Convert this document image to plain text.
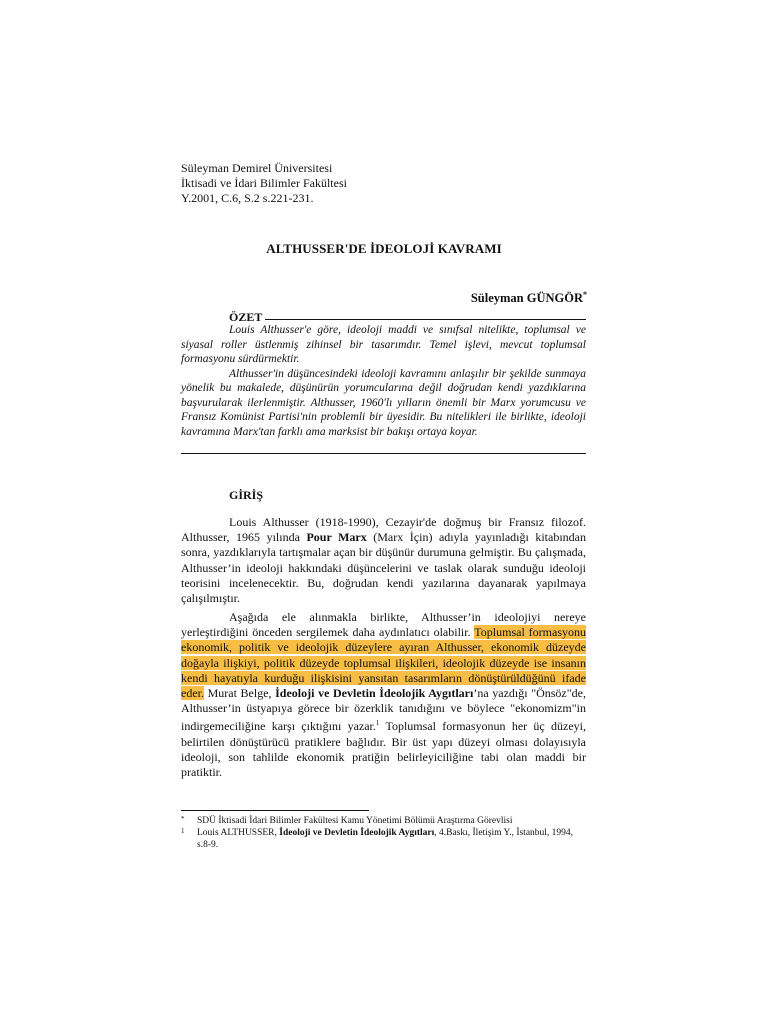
Süleyman Demirel Üniversitesi
İktisadi ve İdari Bilimler Fakültesi
Y.2001, C.6, S.2 s.221-231.
ALTHUSSER'DE İDEOLOJİ KAVRAMI
Süleyman GÜNGÖR*
ÖZET

Louis Althusser'e göre, ideoloji maddi ve sınıfsal nitelikte, toplumsal ve siyasal roller üstlenmiş zihinsel bir tasarımdır. Temel işlevi, mevcut toplumsal formasyonu sürdürmektir.

Althusser'in düşüncesindeki ideoloji kavramını anlaşılır bir şekilde sunmaya yönelik bu makalede, düşünürün yorumcularına değil doğrudan kendi yazdıklarına başvurularak ilerlenmiştir. Althusser, 1960'lı yılların önemli bir Marx yorumcusu ve Fransız Komünist Partisi'nin problemli bir üyesidir. Bu nitelikleri ile birlikte, ideoloji kavramına Marx'tan farklı ama marksist bir bakışı ortaya koyar.

GİRİŞ

Louis Althusser (1918-1990), Cezayir'de doğmuş bir Fransız filozof. Althusser, 1965 yılında Pour Marx (Marx İçin) adıyla yayınladığı kitabından sonra, yazdıklarıyla tartışmalar açan bir düşünür durumuna gelmiştir. Bu çalışmada, Althusser’in ideoloji hakkındaki düşüncelerini ve taslak olarak sunduğu ideoloji teorisini incelenecektir. Bu, doğrudan kendi yazılarına dayanarak yapılmaya çalışılmıştır.

Aşağıda ele alınmakla birlikte, Althusser’in ideolojiyi nereye yerleştirdiğini önceden sergilemek daha aydınlatıcı olabilir. Toplumsal formasyonu ekonomik, politik ve ideolojik düzeylere ayıran Althusser, ekonomik düzeyde doğayla ilişkiyi, politik düzeyde toplumsal ilişkileri, ideolojik düzeyde ise insanın kendi hayatıyla kurduğu ilişkisini yansıtan tasarımların dönüştürüldüğünü ifade eder. Murat Belge, İdeoloji ve Devletin İdeolojik Aygıtları’na yazdığı "Önsöz"de, Althusser’in üstyapıya görece bir özerklik tanıdığını ve böylece "ekonomizm"in indirgemeciliğine karşı çıktığını yazar.$^1$ Toplumsal formasyonun her üç düzeyi, belirtilen dönüştürücü pratiklere bağlıdır. Bir üst yapı düzeyi olması dolayısıyla ideoloji, son tahlilde ekonomik pratiğin belirleyiciliğine tabi olan maddi bir pratiktir.

* SDÜ İktisadi İdari Bilimler Fakültesi Kamu Yönetimi Bölümü Araştırma Görevlisi
1 Louis ALTHUSSER, İdeoloji ve Devletin İdeolojik Aygıtları, 4.Baskı, İletişim Y., İstanbul, 1994, s.8-9.
